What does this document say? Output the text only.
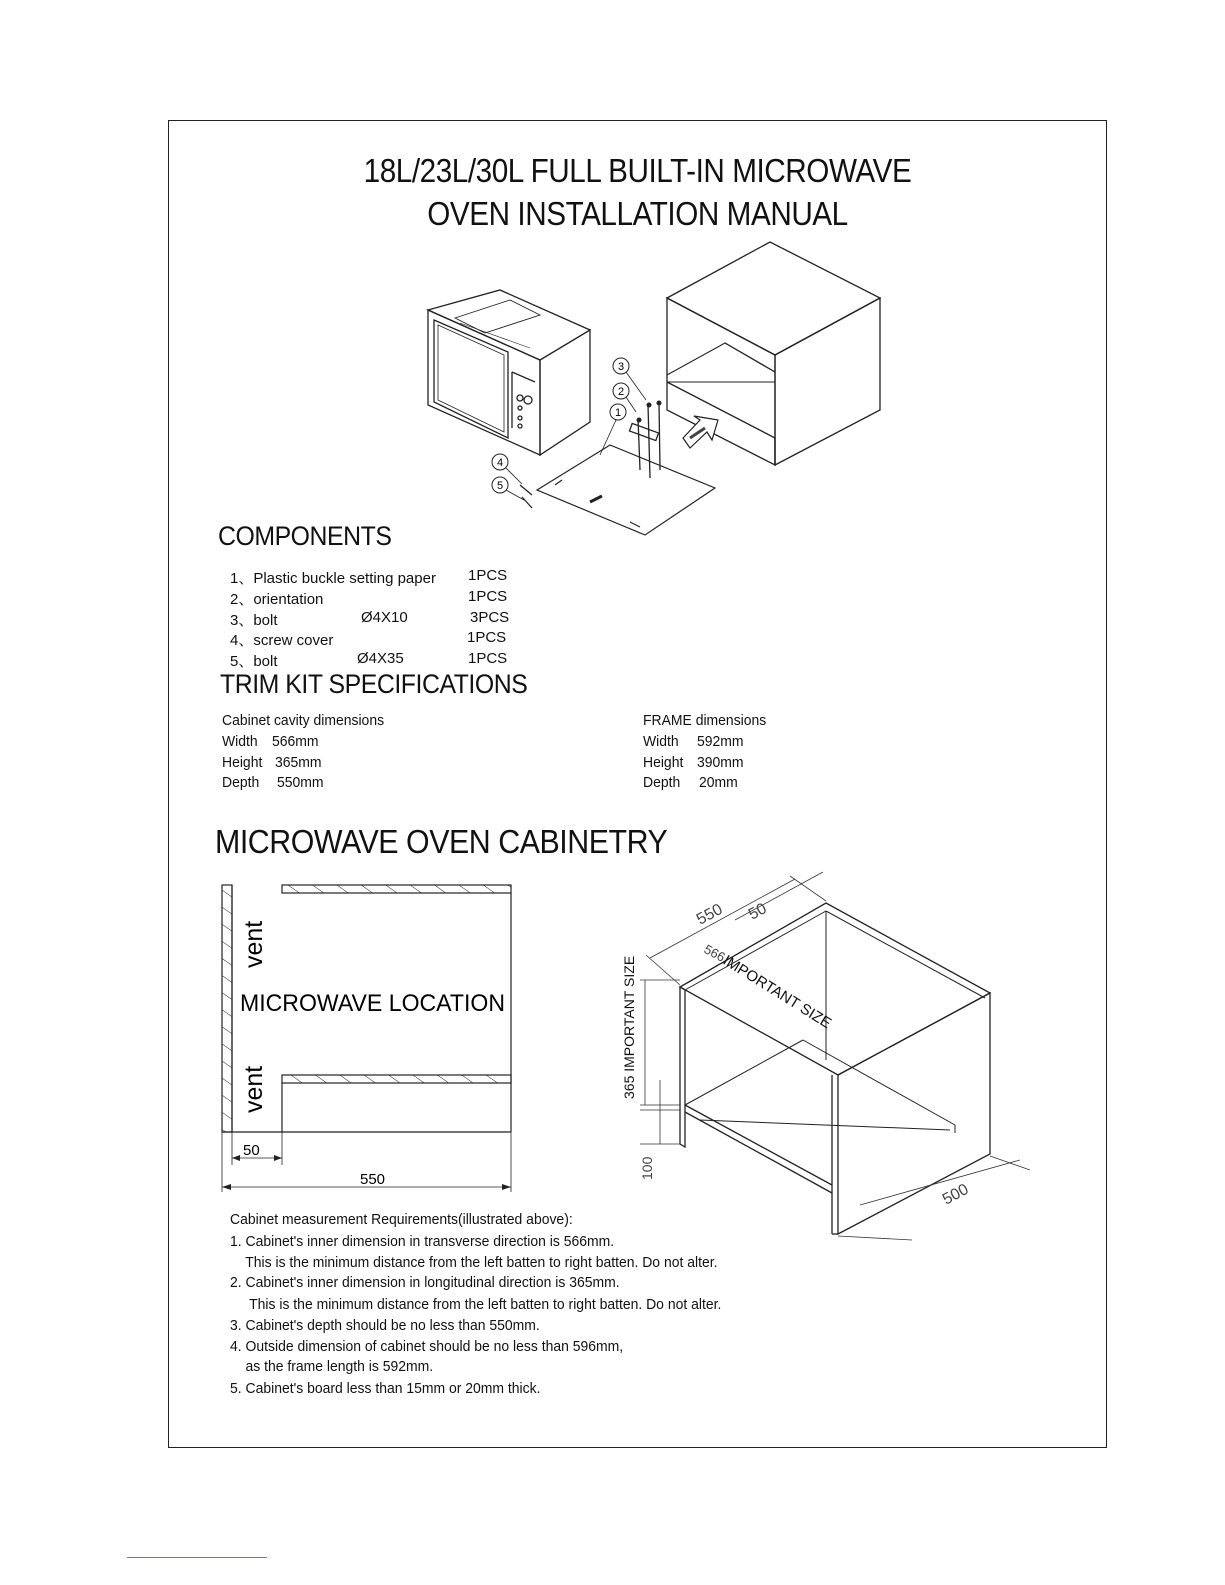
18L/23L/30L FULL BUILT-IN MICROWAVE
OVEN INSTALLATION MANUAL
3
2
1
4
5
COMPONENTS
1、Plastic buckle setting paper 1PCS
2、orientation	1PCS
3、bolt	Ø4X10	3PCS
4、screw cover	1PCS
5、bolt	Ø4X35	1PCS
TRIM KIT SPECIFICATIONS
Cabinet cavity dimensions
Width 566mm
Height 365mm
Depth 550mm
FRAME dimensions
Width 592mm
Height 390mm
Depth 20mm
MICROWAVE OVEN CABINETRY
vent
vent
MICROWAVE LOCATION
50
550
550 50
566
100
500
IMPORTANT SIZE
365 IMPORTANT SIZE
Cabinet measurement Requirements(illustrated above):
1. Cabinet's inner dimension in transverse direction is 566mm.
This is the minimum distance from the left batten to right batten. Do not alter.
2. Cabinet's inner dimension in longitudinal direction is 365mm.
This is the minimum distance from the left batten to right batten. Do not alter.
3. Cabinet's depth should be no less than 550mm.
4. Outside dimension of cabinet should be no less than 596mm,
as the frame length is 592mm.
5. Cabinet's board less than 15mm or 20mm thick.
